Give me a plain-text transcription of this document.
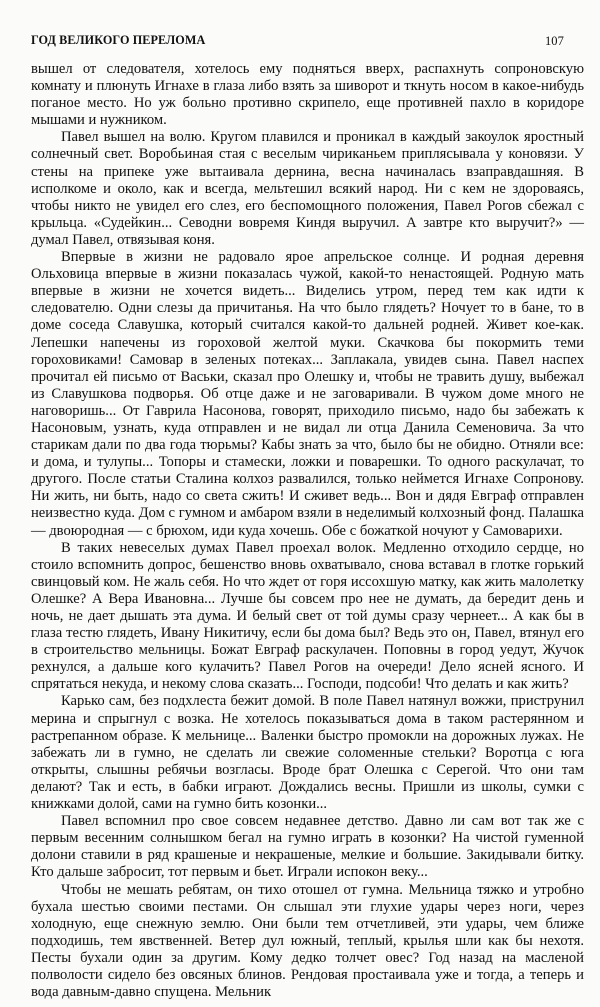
ГОД ВЕЛИКОГО ПЕРЕЛОМА	107

вышел от следователя, хотелось ему подняться вверх, распахнуть сопроновскую комнату и плюнуть Игнахе в глаза либо взять за шиворот и ткнуть носом в какое-нибудь поганое место. Но уж больно противно скрипело, еще противней пахло в коридоре мышами и нужником.

Павел вышел на волю. Кругом плавился и проникал в каждый закоулок яростный солнечный свет. Воробьиная стая с веселым чириканьем приплясывала у коновязи. У стены на припеке уже вытаивала дернина, весна начиналась взаправдашняя. В исполкоме и около, как и всегда, мельтешил всякий народ. Ни с кем не здороваясь, чтобы никто не увидел его слез, его беспомощного положения, Павел Рогов сбежал с крыльца. «Судейкин... Севодни вовремя Киндя выручил. А завтре кто выручит?» — думал Павел, отвязывая коня.

Впервые в жизни не радовало ярое апрельское солнце. И родная деревня Ольховица впервые в жизни показалась чужой, какой-то ненастоящей. Родную мать впервые в жизни не хочется видеть... Виделись утром, перед тем как идти к следователю. Одни слезы да причитанья. На что было глядеть? Ночует то в бане, то в доме соседа Славушка, который считался какой-то дальней родней. Живет кое-как. Лепешки напечены из гороховой желтой муки. Скачкова бы покормить теми гороховиками! Самовар в зеленых потеках... Заплакала, увидев сына. Павел наспех прочитал ей письмо от Васьки, сказал про Олешку и, чтобы не травить душу, выбежал из Славушкова подворья. Об отце даже и не заговаривали. В чужом доме много не наговоришь... От Гаврила Насонова, говорят, приходило письмо, надо бы забежать к Насоновым, узнать, куда отправлен и не видал ли отца Данила Семеновича. За что старикам дали по два года тюрьмы? Кабы знать за что, было бы не обидно. Отняли все: и дома, и тулупы... Топоры и стамески, ложки и поварешки. То одного раскулачат, то другого. После статьи Сталина колхоз развалился, только неймется Игнахе Сопронову. Ни жить, ни быть, надо со света сжить! И сживет ведь... Вон и дядя Евграф отправлен неизвестно куда. Дом с гумном и амбаром взяли в неделимый колхозный фонд. Палашка — двоюродная — с брюхом, иди куда хочешь. Обе с божаткой ночуют у Самоварихи.

В таких невеселых думах Павел проехал волок. Медленно отходило сердце, но стоило вспомнить допрос, бешенство вновь охватывало, снова вставал в глотке горький свинцовый ком. Не жаль себя. Но что ждет от горя иссохшую матку, как жить малолетку Олешке? А Вера Ивановна... Лучше бы совсем про нее не думать, да бередит день и ночь, не дает дышать эта дума. И белый свет от той думы сразу чернеет... А как бы в глаза тестю глядеть, Ивану Никитичу, если бы дома был? Ведь это он, Павел, втянул его в строительство мельницы. Божат Евграф раскулачен. Поповны в город уедут, Жучок рехнулся, а дальше кого кулачить? Павел Рогов на очереди! Дело ясней ясного. И спрятаться некуда, и некому слова сказать... Господи, подсоби! Что делать и как жить?

Карько сам, без подхлеста бежит домой. В поле Павел натянул вожжи, приструнил мерина и спрыгнул с возка. Не хотелось показываться дома в таком растерянном и растрепанном образе. К мельнице... Валенки быстро промокли на дорожных лужах. Не забежать ли в гумно, не сделать ли свежие соломенные стельки? Воротца с юга открыты, слышны ребячьи возгласы. Вроде брат Олешка с Серегой. Что они там делают? Так и есть, в бабки играют. Дождались весны. Пришли из школы, сумки с книжками долой, сами на гумно бить козонки...

Павел вспомнил про свое совсем недавнее детство. Давно ли сам вот так же с первым весенним солнышком бегал на гумно играть в козонки? На чистой гуменной долони ставили в ряд крашеные и некрашеные, мелкие и большие. Закидывали битку. Кто дальше забросит, тот первым и бьет. Играли испокон веку...

Чтобы не мешать ребятам, он тихо отошел от гумна. Мельница тяжко и утробно бухала шестью своими пестами. Он слышал эти глухие удары через ноги, через холодную, еще снежную землю. Они были тем отчетливей, эти удары, чем ближе подходишь, тем явственней. Ветер дул южный, теплый, крылья шли как бы нехотя. Песты бухали один за другим. Кому дедко толчет овес? Год назад на масленой полволости сидело без овсяных блинов. Рендовая простаивала уже и тогда, а теперь и вода давным-давно спущена. Мельник
